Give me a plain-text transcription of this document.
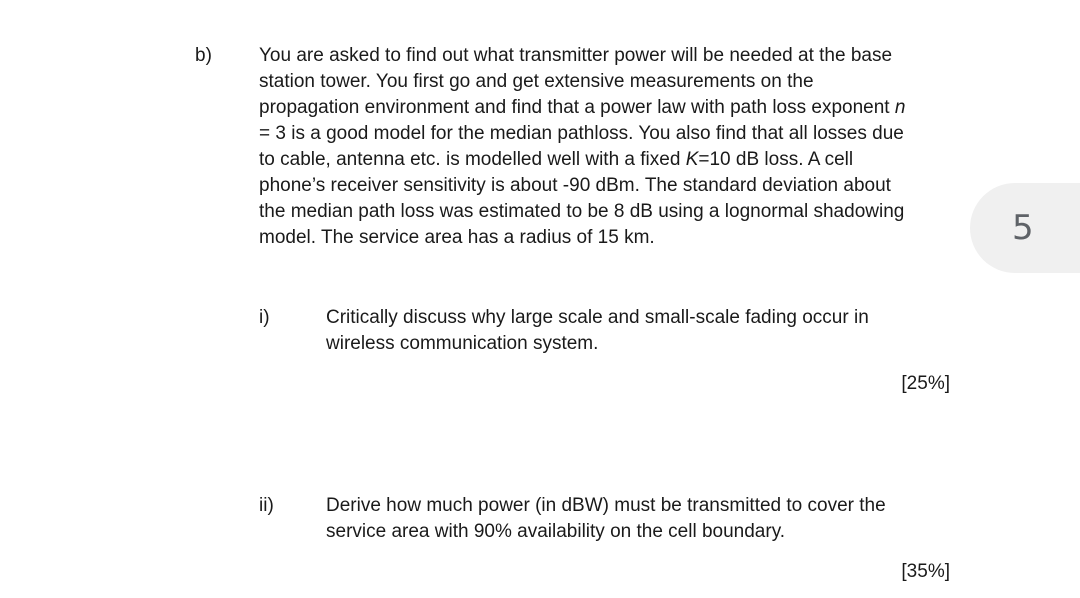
b) You are asked to find out what transmitter power will be needed at the base
station tower. You first go and get extensive measurements on the
propagation environment and find that a power law with path loss exponent n
= 3 is a good model for the median pathloss. You also find that all losses due
to cable, antenna etc. is modelled well with a fixed K=10 dB loss. A cell
phone’s receiver sensitivity is about -90 dBm. The standard deviation about
the median path loss was estimated to be 8 dB using a lognormal shadowing
model. The service area has a radius of 15 km.
i)	Critically discuss why large scale and small-scale fading occur in
wireless communication system.
[25%]
ii)	Derive how much power (in dBW) must be transmitted to cover the
service area with 90% availability on the cell boundary.
[35%]
5
